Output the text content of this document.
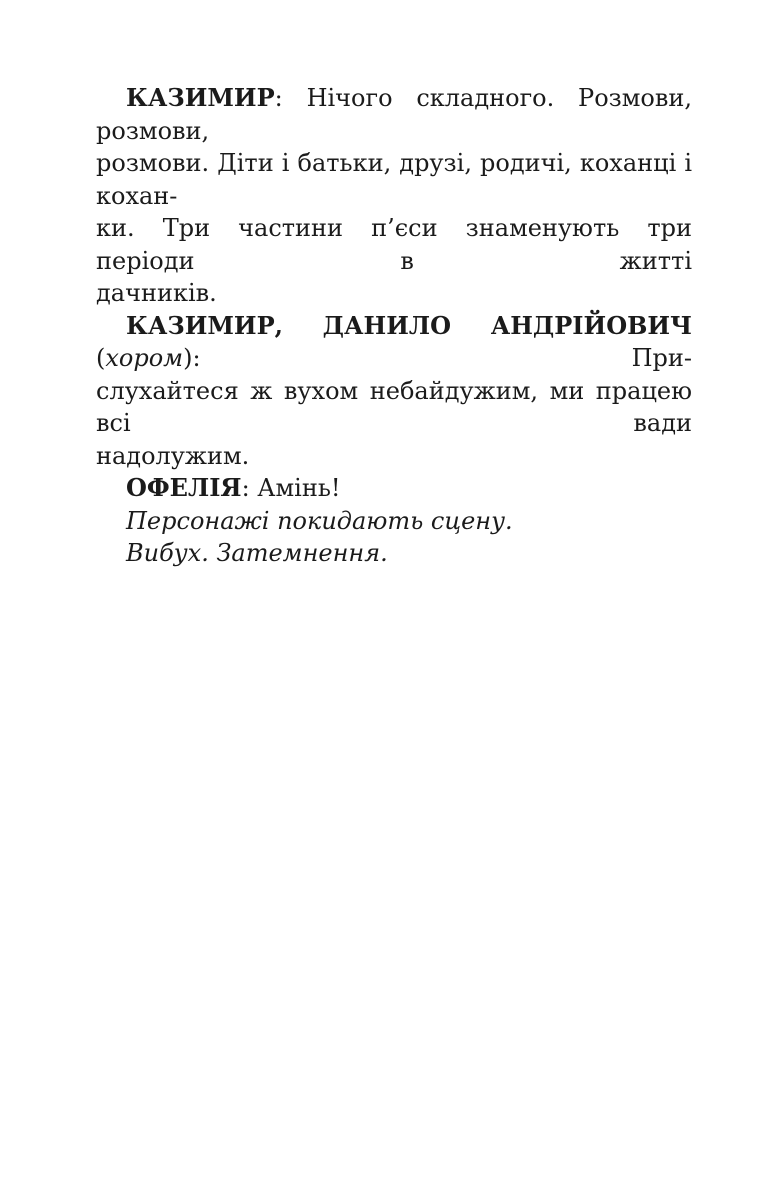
КАЗИМИР: Нічого складного. Розмови, розмови,
розмови. Діти і батьки, друзі, родичі, коханці і кохан-
ки. Три частини п’єси знаменують три періоди в житті
дачників.

КАЗИМИР, ДАНИЛО АНДРІЙОВИЧ (хором): При-
слухайтеся ж вухом небайдужим, ми працею всі вади
надолужим.

ОФЕЛІЯ: Амінь!

Персонажі покидають сцену.

Вибух. Затемнення.
